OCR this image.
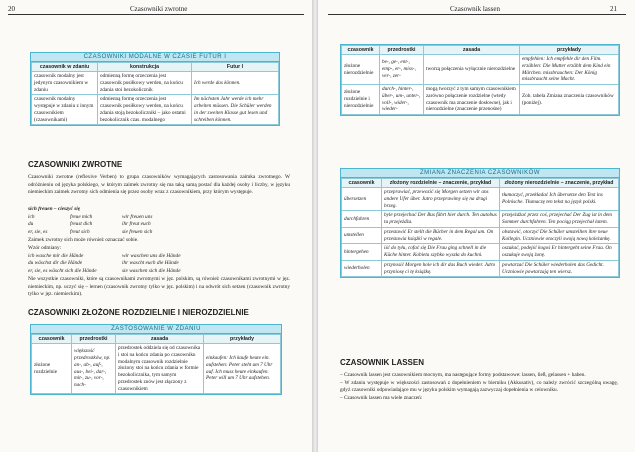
20	Czasowniki zwrotne
CZASOWNIKI MODALNE W CZASIE FUTUR I
czasownik w zdaniu	konstrukcja	Futur I
czasownik modalny jest jedynym czasownikiem w zdaniu	odmienną formę orzeczenia jest czasownik posiłkowy werden, na końcu zdania stoi bezokolicznik	Ich werde das können.
czasownik modalny występuje w zdaniu z innym czasownikiem (czasownikami)	odmienną formę orzeczenia jest czasownik posiłkowy werden, na końcu zdania stoją bezokoliczniki – jako ostatni bezokolicznik czas. modalnego	Im nächsten Jahr werde ich mehr arbeiten müssen. Die Schüler werden in der zweiten Klasse gut lesen und schreiben können.
CZASOWNIKI ZWROTNE
Czasowniki zwrotne (reflexive Verben) to grupa czasowników wymagających zastosowania zaimka zwrotnego. W odróżnieniu od języka polskiego, w którym zaimek zwrotny się ma taką samą postać dla każdej osoby i liczby, w języku niemieckim zaimek zwrotny sich odmienia się przez osoby wraz z czasownikiem, przy którym występuje.
sich freuen – cieszyć się
ich	freue mich	wir freuen uns
du	freust dich	ihr freut euch
er, sie, es	freut sich	sie freuen sich
Zaimek zwrotny sich może również oznaczać sobie.
Wzór odmiany:
ich wasche mir die Hände	wir waschen uns die Hände
du wäschst dir die Hände	ihr wascht euch die Hände
er, sie, es wäscht sich die Hände	sie waschen sich die Hände
Nie wszystkie czasowniki, które są czasownikami zwrotnymi w jęz. polskim, są również czasownikami zwrotnymi w jęz. niemieckim, np. uczyć się – lernen (czasownik zwrotny tylko w jęz. polskim) i na odwrót sich setzen (czasownik zwrotny tylko w jęz. niemieckim).
CZASOWNIKI ZŁOŻONE ROZDZIELNIE I NIEROZDZIELNIE
ZASTOSOWANIE W ZDANIU
czasownik	przedrostki	zasada	przykłady
złożone rozdzielnie	większość przedrostków, np. an-, ab-, auf-, aus-, bei-, dar-, mit-, zu-, vor-, nach-	przedrostek oddziela się od czasownika i stoi na końcu zdania po czasowniku modalnym czasownik rozdzielnie złożony stoi na końcu zdania w formie bezokolicznika, tym samym przedrostek znów jest złączony z czasownikiem	einkaufen: Ich kaufe heute ein. aufstehen: Peter steht um 7 Uhr auf. Ich muss heute einkaufen. Peter will um 7 Uhr aufstehen.
Czasownik lassen	21
czasownik	przedrostki	zasada	przykłady
złożone nierozdzielnie	be-, ge-, ent-, emp-, er-, miss-, ver-, zer-	tworzą połączenia wyłącznie nierozdzielne	empfehlen: Ich empfehle dir den Film. erzählen: Die Mutter erzählt dem Kind ein Märchen. missbrauchen: Der König missbraucht seine Macht.
złożone rozdzielnie i nierozdzielnie	durch-, hinter-, über-, um-, unter-, voll-, wider-, wieder-	mogą tworzyć z tym samym czasownikiem zarówno połączenie rozdzielne (wtedy czasownik ma znaczenie dosłowne), jak i nierozdzielne (znaczenie przenośne)	Zob. tabela Zmiana znaczenia czasowników (poniżej).
ZMIANA ZNACZENIA CZASOWNIKÓW
czasownik	złożony rozdzielnie – znaczenie, przykład	złożony nierozdzielnie – znaczenie, przykład
übersetzen	przeprawiać, przewozić się Morgen setzen wir ans andere Ufer über. Jutro przeprawimy się na drugi brzeg.	tłumaczyć, przekładać Ich übersetze den Text ins Polnische. Tłumaczę ten tekst na język polski.
durchfahren	byle przejechać Der Bus fährt hier durch. Ten autobus tu przejeżdża.	przejeżdżać przez coś, przejechać Der Zug ist in dem Sommer durchfahren. Ten pociąg przejechał latem.
umstellen	przestawić Er stellt die Bücher in dem Regal um. On przestawia książki w regale.	obstawić, otoczyć Die Schüler umstellten ihre neue Kollegin. Uczniowie otoczyli swoją nową koleżankę.
hintergehen	iść do tyłu, cofać się Die Frau ging schnell in die Küche hinter. Kobieta szybko wyszła do kuchni.	oszukać, podejść kogoś Er hintergeht seine Frau. On oszukuje swoją żonę.
wiederholen	przynosić Morgen hole ich dir das Buch wieder. Jutro przyniosę ci tę książkę.	powtarzać Die Schüler wiederholen das Gedicht. Uczniowie powtarzają ten wiersz.
CZASOWNIK LASSEN
– Czasownik lassen jest czasownikiem mocnym, ma następujące formy podstawowe: lassen, ließ, gelassen + haben.
– W zdaniu występuje w większości zastosowań z dopełnieniem w bierniku (Akkusativ), co należy zwrócić szczególną uwagę, gdyż czasowniki odpowiadające mu w języku polskim wymagają zazwyczaj dopełnienia w celowniku.
– Czasownik lassen ma wiele znaczeń:
